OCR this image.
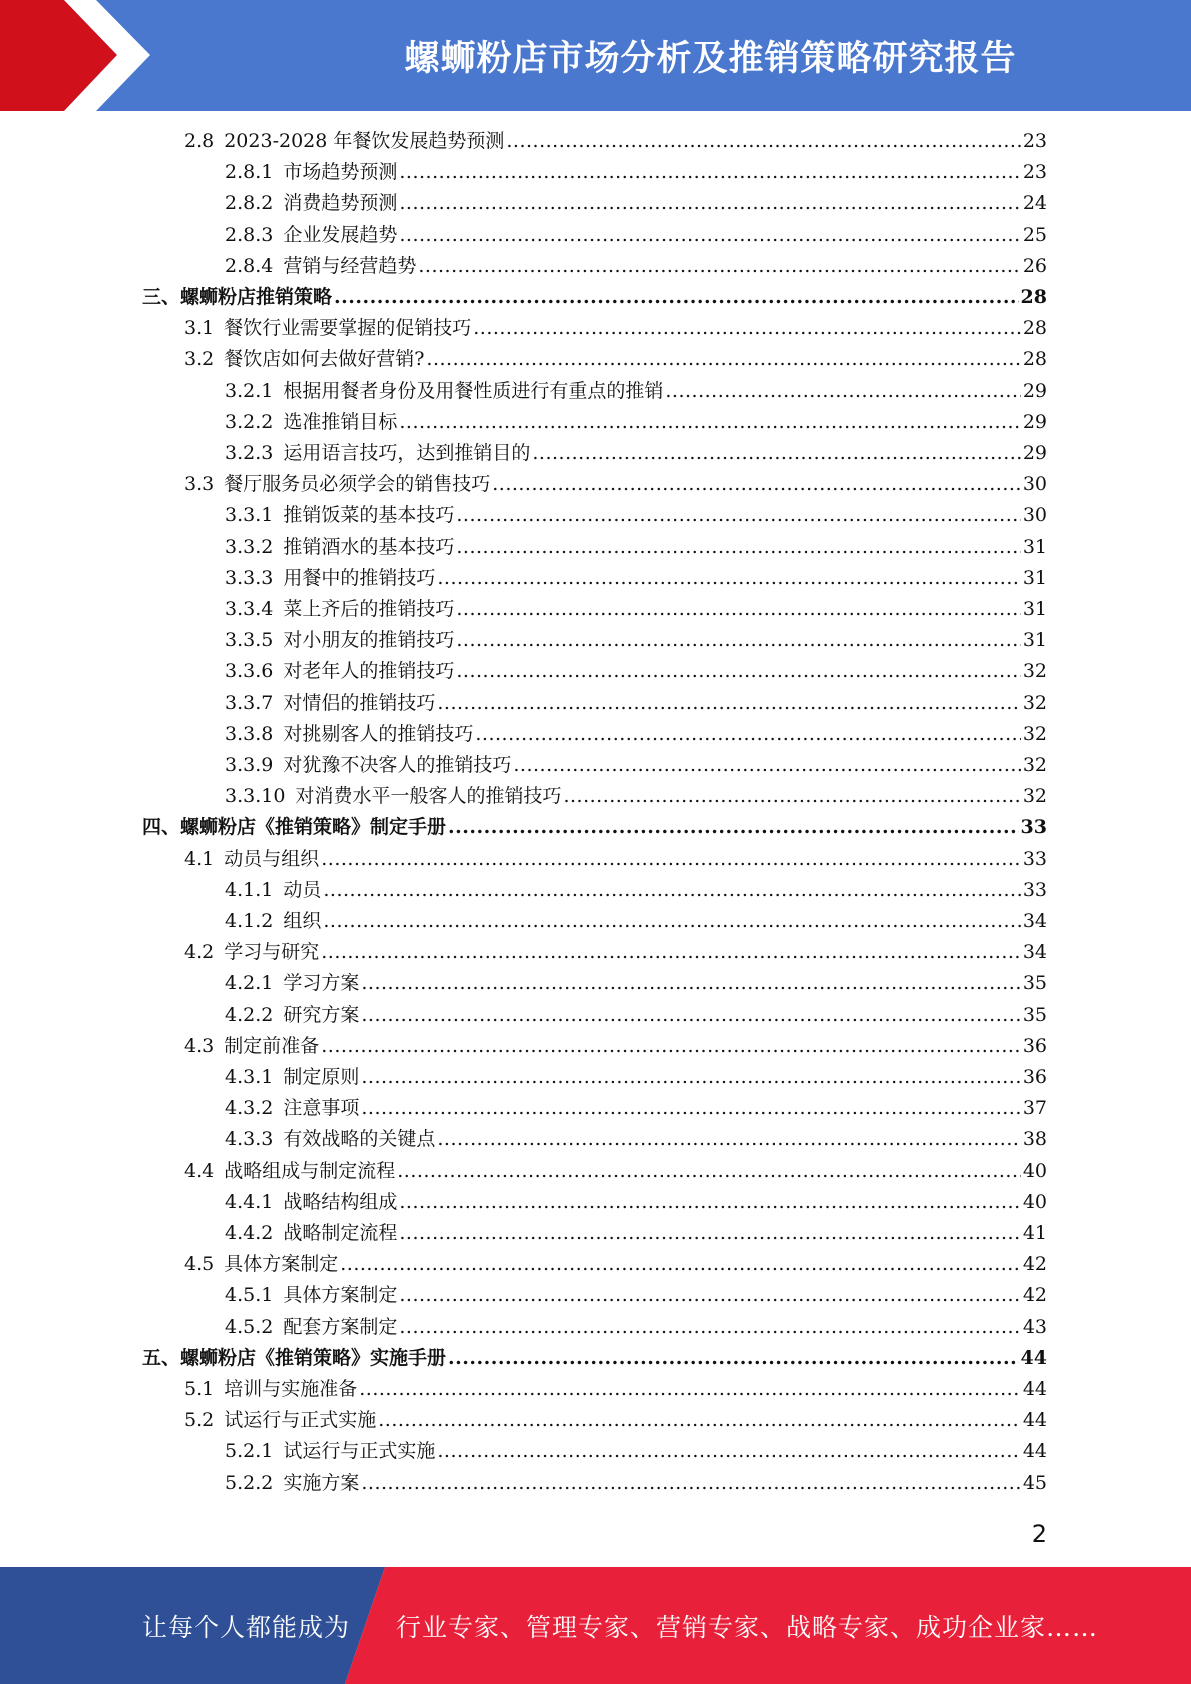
螺蛳粉店市场分析及推销策略研究报告
2.8 2023-2028 年餐饮发展趋势预测 .....	23
2.8.1 市场趋势预测 .....	23
2.8.2 消费趋势预测 .....	24
2.8.3 企业发展趋势 .....	25
2.8.4 营销与经营趋势 .....	26
三、 螺蛳粉店推销策略 .....	28
3.1 餐饮行业需要掌握的促销技巧 .....	28
3.2 餐饮店如何去做好营销? .....	28
3.2.1 根据用餐者身份及用餐性质进行有重点的推销 .....	29
3.2.2 选准推销目标 .....	29
3.2.3 运用语言技巧，达到推销目的 .....	29
3.3 餐厅服务员必须学会的销售技巧 .....	30
3.3.1 推销饭菜的基本技巧 .....	30
3.3.2 推销酒水的基本技巧 .....	31
3.3.3 用餐中的推销技巧 .....	31
3.3.4 菜上齐后的推销技巧 .....	31
3.3.5 对小朋友的推销技巧 .....	31
3.3.6 对老年人的推销技巧 .....	32
3.3.7 对情侣的推销技巧 .....	32
3.3.8 对挑剔客人的推销技巧 .....	32
3.3.9 对犹豫不决客人的推销技巧 .....	32
3.3.10 对消费水平一般客人的推销技巧 .....	32
四、 螺蛳粉店《推销策略》制定手册 .....	33
4.1 动员与组织 .....	33
4.1.1 动员 .....	33
4.1.2 组织 .....	34
4.2 学习与研究 .....	34
4.2.1 学习方案 .....	35
4.2.2 研究方案 .....	35
4.3 制定前准备 .....	36
4.3.1 制定原则 .....	36
4.3.2 注意事项 .....	37
4.3.3 有效战略的关键点 .....	38
4.4 战略组成与制定流程 .....	40
4.4.1 战略结构组成 .....	40
4.4.2 战略制定流程 .....	41
4.5 具体方案制定 .....	42
4.5.1 具体方案制定 .....	42
4.5.2 配套方案制定 .....	43
五、 螺蛳粉店《推销策略》实施手册 .....	44
5.1 培训与实施准备 .....	44
5.2 试运行与正式实施 .....	44
5.2.1 试运行与正式实施 .....	44
5.2.2 实施方案 .....	45
2
让每个人都能成为 行业专家、管理专家、营销专家、战略专家、成功企业家……
